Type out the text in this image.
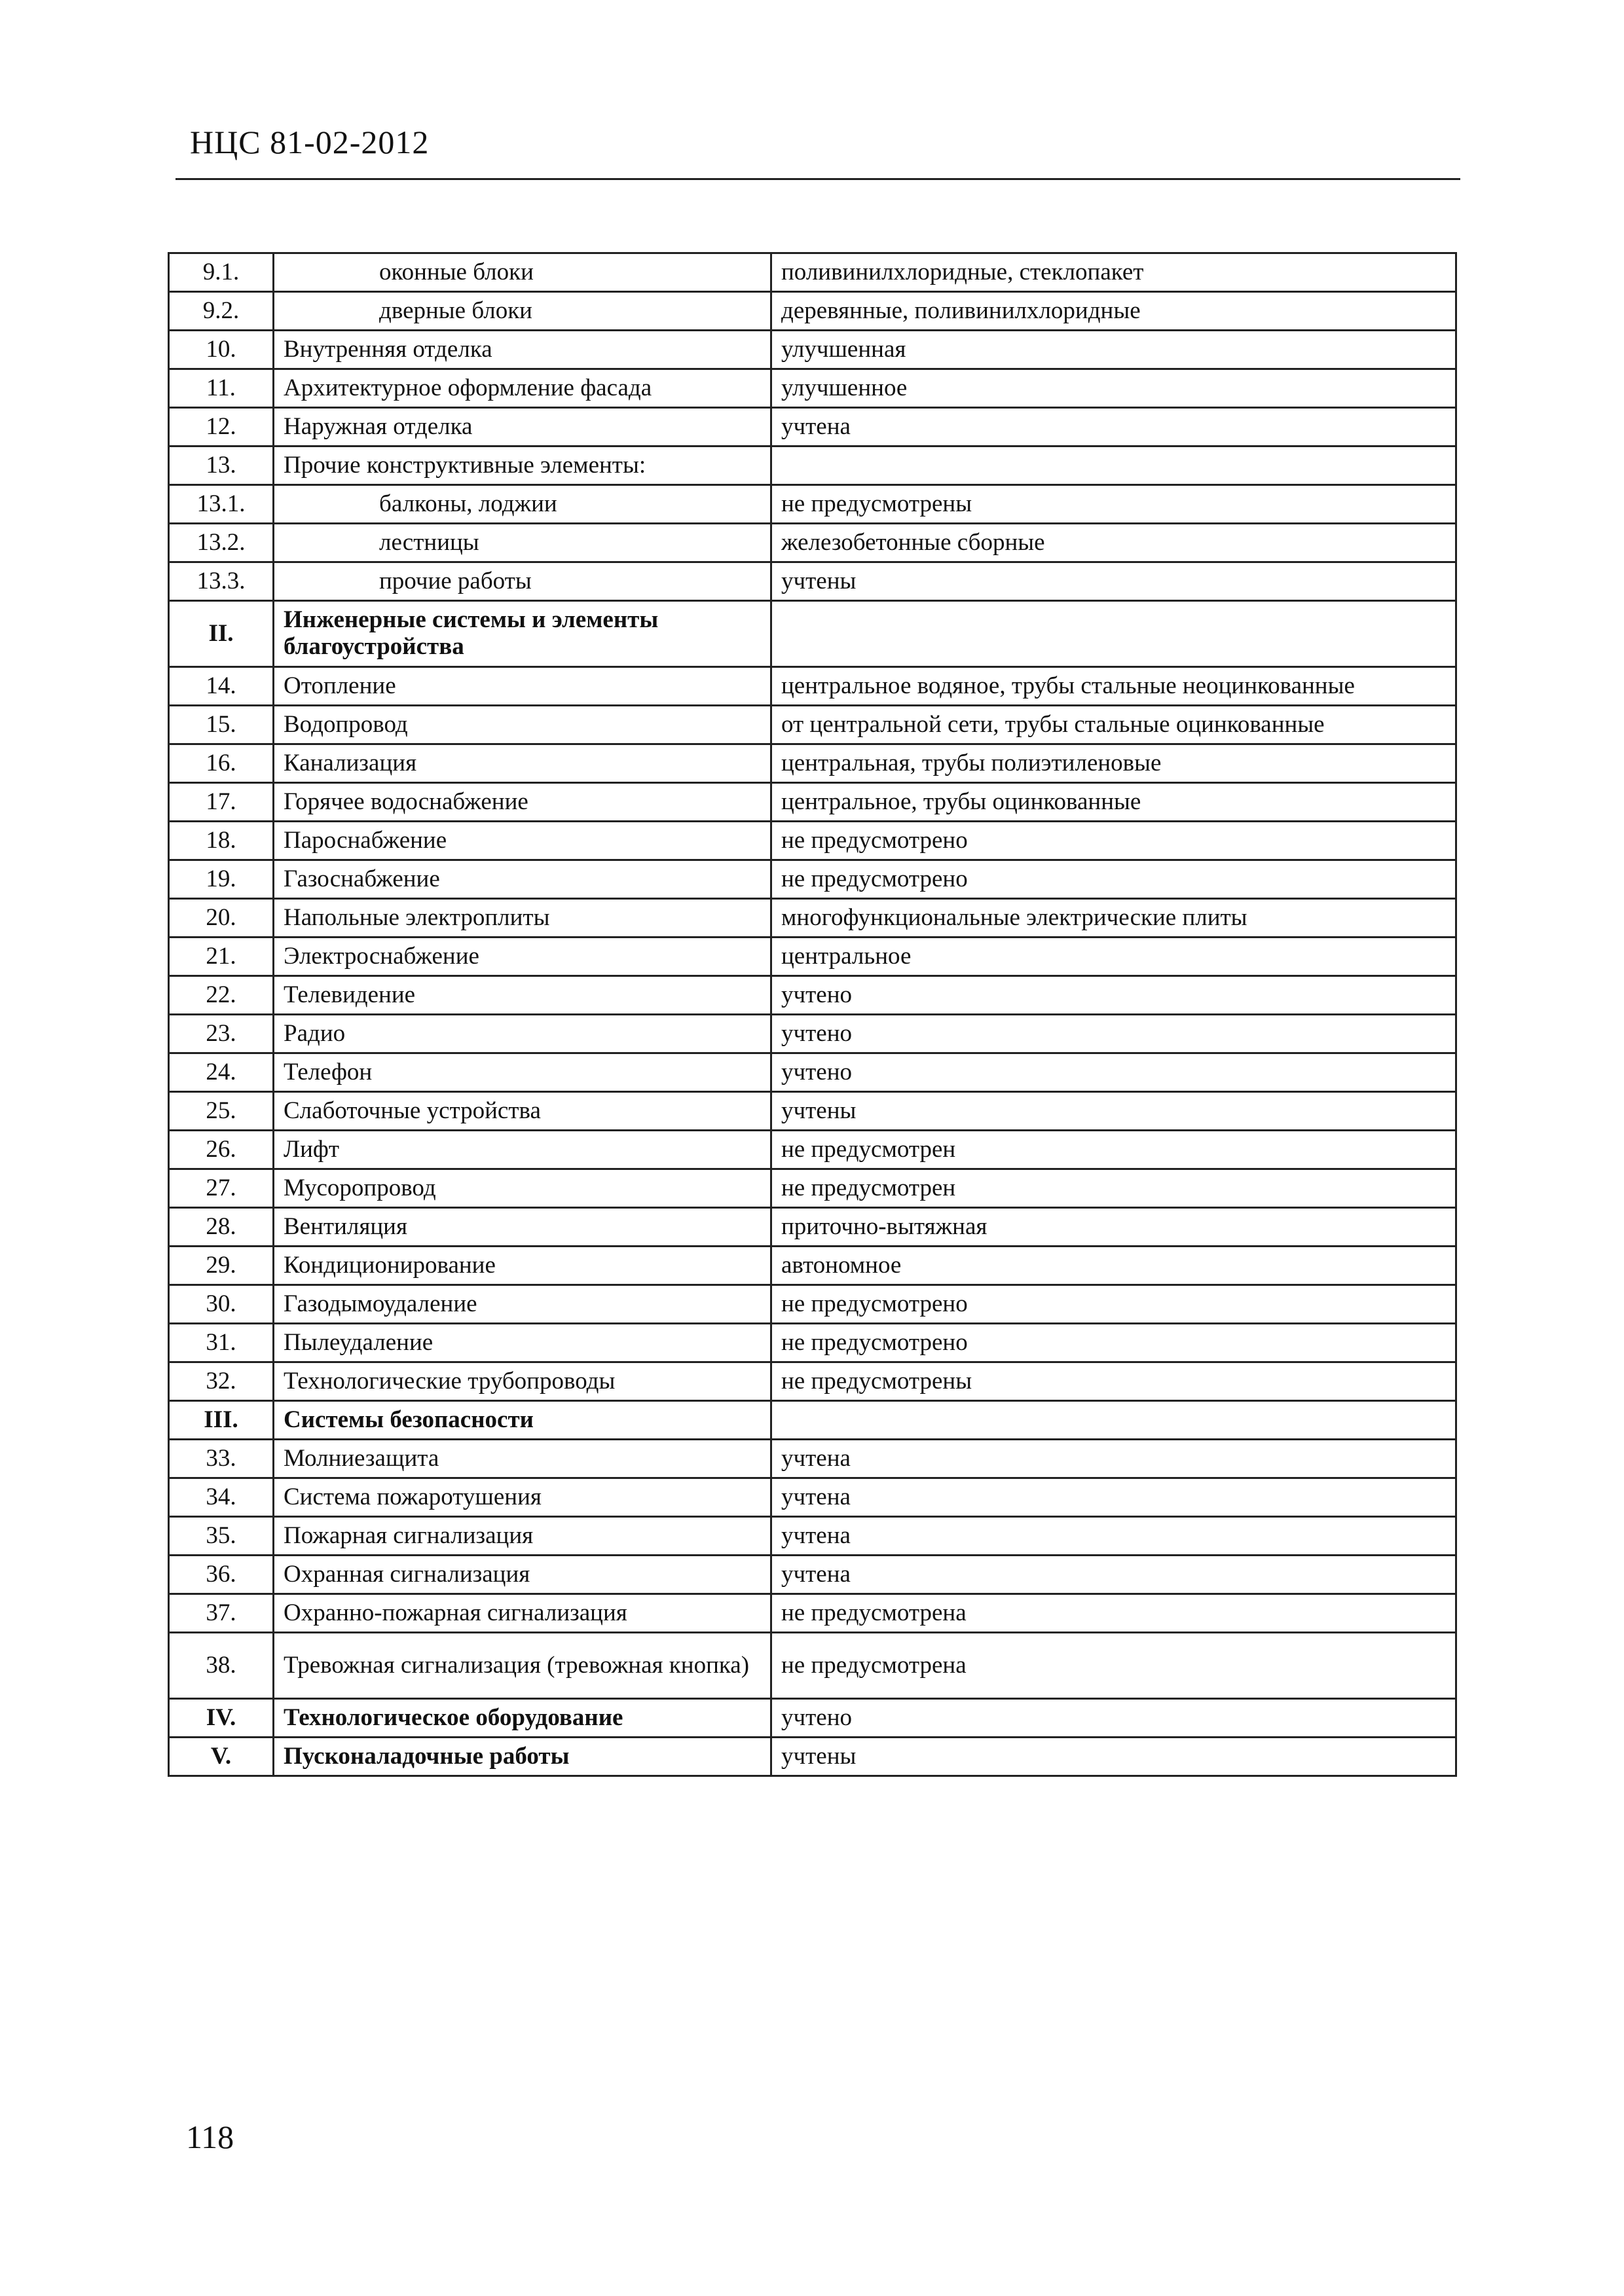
НЦС 81-02-2012
9.1.	оконные блоки	поливинилхлоридные, стеклопакет
9.2.	дверные блоки	деревянные, поливинилхлоридные
10.	Внутренняя отделка	улучшенная
11.	Архитектурное оформление фасада	улучшенное
12.	Наружная отделка	учтена
13.	Прочие конструктивные элементы:	
13.1.	балконы, лоджии	не предусмотрены
13.2.	лестницы	железобетонные сборные
13.3.	прочие работы	учтены
II.	Инженерные системы и элементы благоустройства	
14.	Отопление	центральное водяное, трубы стальные неоцинкованные
15.	Водопровод	от центральной сети, трубы стальные оцинкованные
16.	Канализация	центральная, трубы полиэтиленовые
17.	Горячее водоснабжение	центральное, трубы оцинкованные
18.	Пароснабжение	не предусмотрено
19.	Газоснабжение	не предусмотрено
20.	Напольные электроплиты	многофункциональные электрические плиты
21.	Электроснабжение	центральное
22.	Телевидение	учтено
23.	Радио	учтено
24.	Телефон	учтено
25.	Слаботочные устройства	учтены
26.	Лифт	не предусмотрен
27.	Мусоропровод	не предусмотрен
28.	Вентиляция	приточно-вытяжная
29.	Кондиционирование	автономное
30.	Газодымоудаление	не предусмотрено
31.	Пылеудаление	не предусмотрено
32.	Технологические трубопроводы	не предусмотрены
III.	Системы безопасности	
33.	Молниезащита	учтена
34.	Система пожаротушения	учтена
35.	Пожарная сигнализация	учтена
36.	Охранная сигнализация	учтена
37.	Охранно-пожарная сигнализация	не предусмотрена
38.	Тревожная сигнализация (тревожная кнопка)	не предусмотрена
IV.	Технологическое оборудование	учтено
V.	Пусконаладочные работы	учтены
118
